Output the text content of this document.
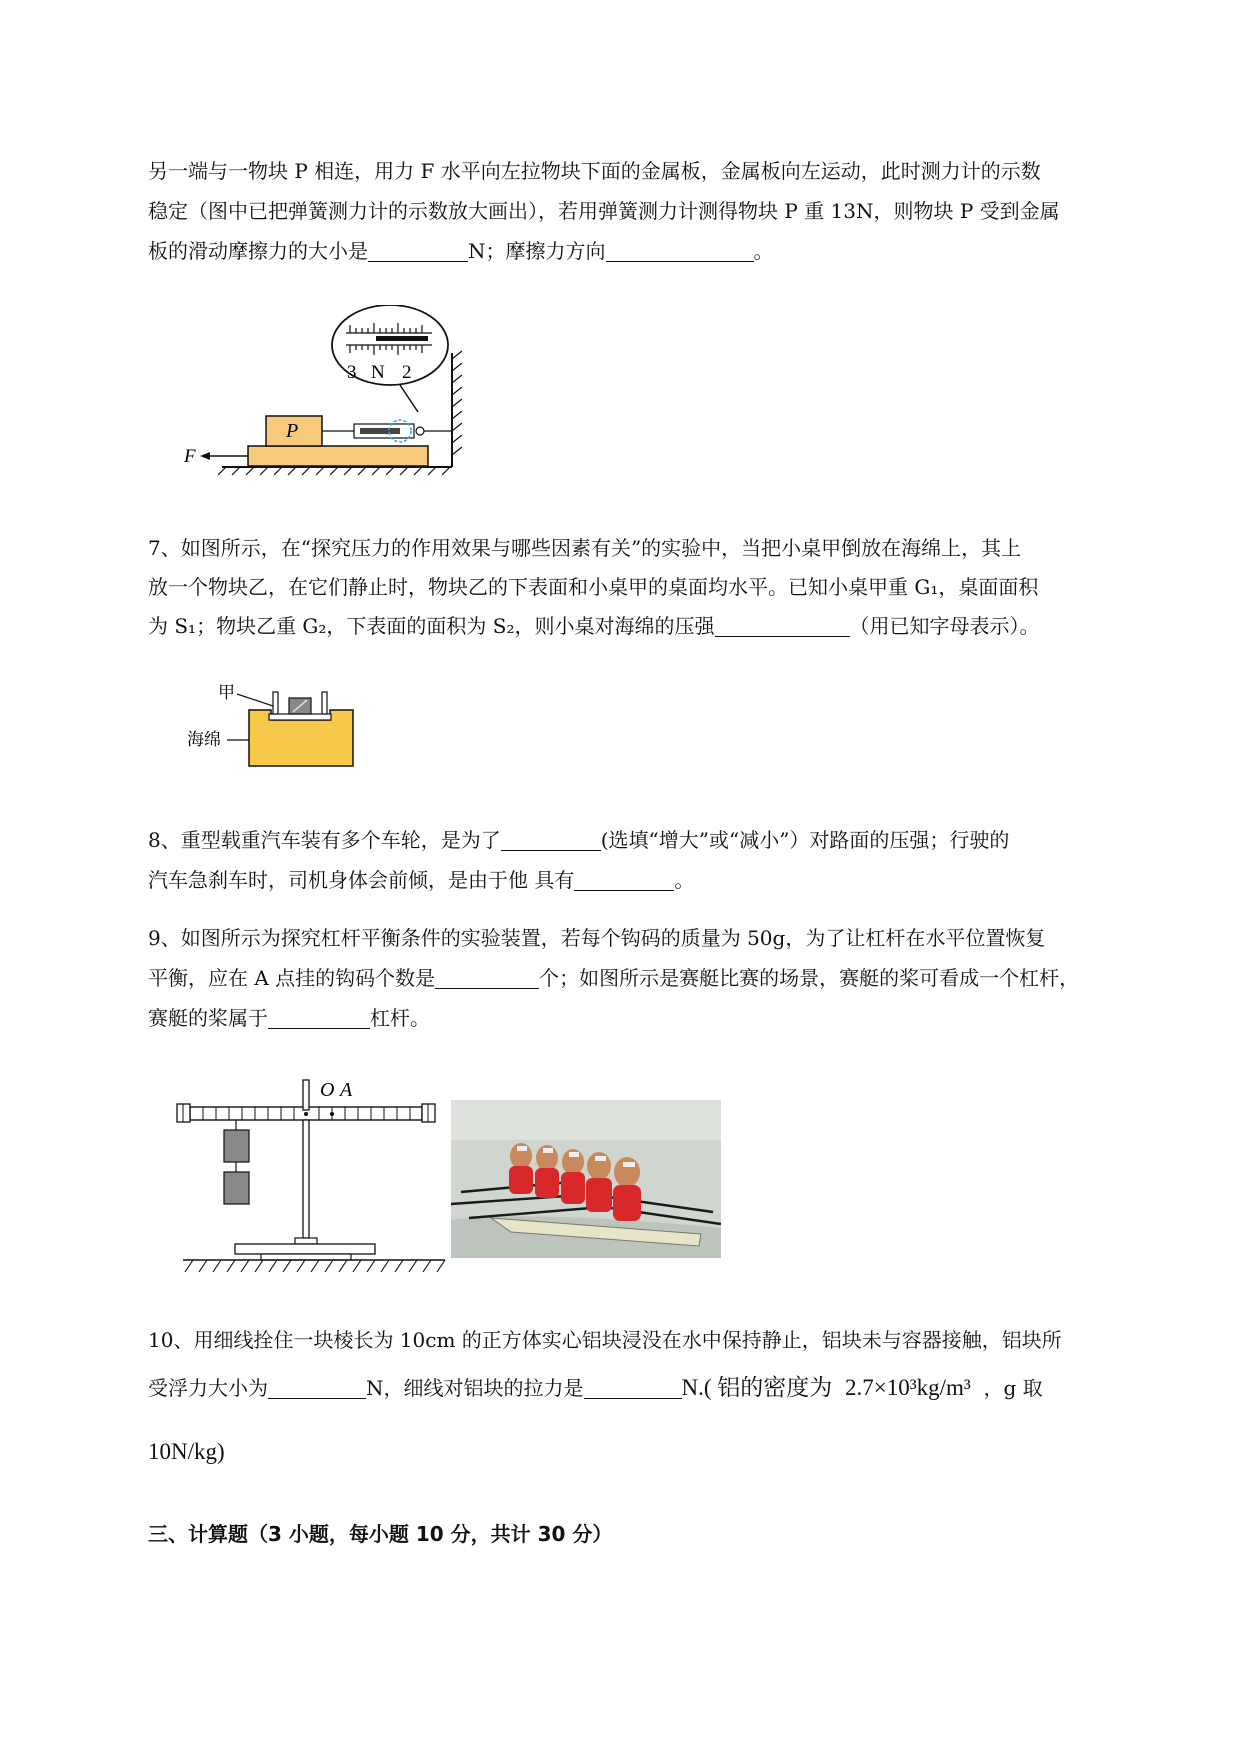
另一端与一物块 P 相连，用力 F 水平向左拉物块下面的金属板，金属板向左运动，此时测力计的示数
稳定（图中已把弹簧测力计的示数放大画出），若用弹簧测力计测得物块 P 重 13N，则物块 P 受到金属
板的滑动摩擦力的大小是	N；摩擦力方向	。
3 N 2
P
F
7、如图所示，在“探究压力的作用效果与哪些因素有关”的实验中，当把小桌甲倒放在海绵上，其上
放一个物块乙，在它们静止时，物块乙的下表面和小桌甲的桌面均水平。已知小桌甲重 G₁，桌面面积
为 S₁；物块乙重 G₂，下表面的面积为 S₂，则小桌对海绵的压强	（用已知字母表示）。
甲
海绵
8、重型载重汽车装有多个车轮，是为了	(选填“增大”或“减小”）对路面的压强；行驶的
汽车急刹车时，司机身体会前倾，是由于他 具有	。
9、如图所示为探究杠杆平衡条件的实验装置，若每个钩码的质量为 50g，为了让杠杆在水平位置恢复
平衡，应在 A 点挂的钩码个数是	个；如图所示是赛艇比赛的场景，赛艇的桨可看成一个杠杆，
赛艇的桨属于	杠杆。
O A
10、用细线拴住一块棱长为 10cm 的正方体实心铝块浸没在水中保持静止，铝块未与容器接触，铝块所
受浮力大小为	N，细线对铝块的拉力是	N.( 铝的密度为 2.7×10³kg/m³ ，g 取
10N/kg)
三、计算题（3 小题，每小题 10 分，共计 30 分）
